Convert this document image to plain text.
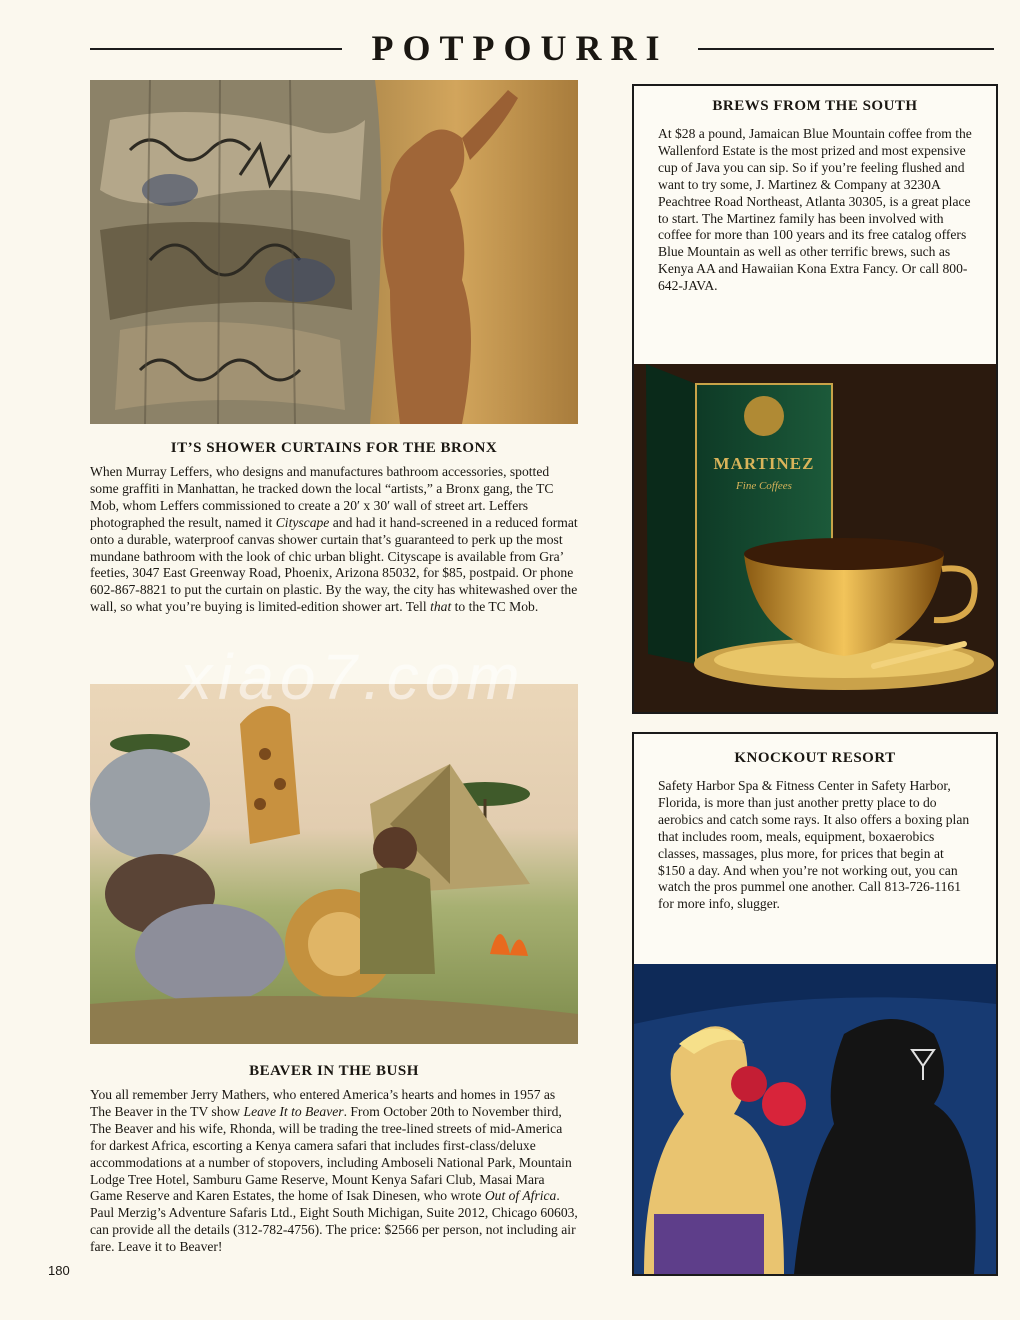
POTPOURRI
IT’S SHOWER CURTAINS FOR THE BRONX

When Murray Leffers, who designs and manufactures bathroom accessories, spotted some graffiti in Manhattan, he tracked down the local “artists,” a Bronx gang, the TC Mob, whom Leffers commissioned to create a 20′ x 30′ wall of street art. Leffers photographed the result, named it Cityscape and had it hand-screened in a reduced format onto a durable, waterproof canvas shower curtain that’s guaranteed to perk up the most mundane bathroom with the look of chic urban blight. Cityscape is available from Gra’ feeties, 3047 East Greenway Road, Phoenix, Arizona 85032, for $85, postpaid. Or phone 602-867-8821 to put the curtain on plastic. By the way, the city has whitewashed over the wall, so what you’re buying is limited-edition shower art. Tell that to the TC Mob.

BEAVER IN THE BUSH

You all remember Jerry Mathers, who entered America’s hearts and homes in 1957 as The Beaver in the TV show Leave It to Beaver. From October 20th to November third, The Beaver and his wife, Rhonda, will be trading the tree-lined streets of mid-America for darkest Africa, escorting a Kenya camera safari that includes first-class/deluxe accommodations at a number of stopovers, including Amboseli National Park, Mountain Lodge Tree Hotel, Samburu Game Reserve, Mount Kenya Safari Club, Masai Mara Game Reserve and Karen Estates, the home of Isak Dinesen, who wrote Out of Africa. Paul Merzig’s Adventure Safaris Ltd., Eight South Michigan, Suite 2012, Chicago 60603, can provide all the details (312-782-4756). The price: $2566 per person, not including air fare. Leave it to Beaver!

BREWS FROM THE SOUTH

At $28 a pound, Jamaican Blue Mountain coffee from the Wallenford Estate is the most prized and most expensive cup of Java you can sip. So if you’re feeling flushed and want to try some, J. Martinez & Company at 3230A Peachtree Road Northeast, Atlanta 30305, is a great place to start. The Martinez family has been involved with coffee for more than 100 years and its free catalog offers Blue Mountain as well as other terrific brews, such as Kenya AA and Hawaiian Kona Extra Fancy. Or call 800-642-JAVA.

MARTINEZ
Fine Coffees
KNOCKOUT RESORT

Safety Harbor Spa & Fitness Center in Safety Harbor, Florida, is more than just another pretty place to do aerobics and catch some rays. It also offers a boxing plan that includes room, meals, equipment, boxaerobics classes, massages, plus more, for prices that begin at $150 a day. And when you’re not working out, you can watch the pros pummel one another. Call 813-726-1161 for more info, slugger.

180
xiao7.com
